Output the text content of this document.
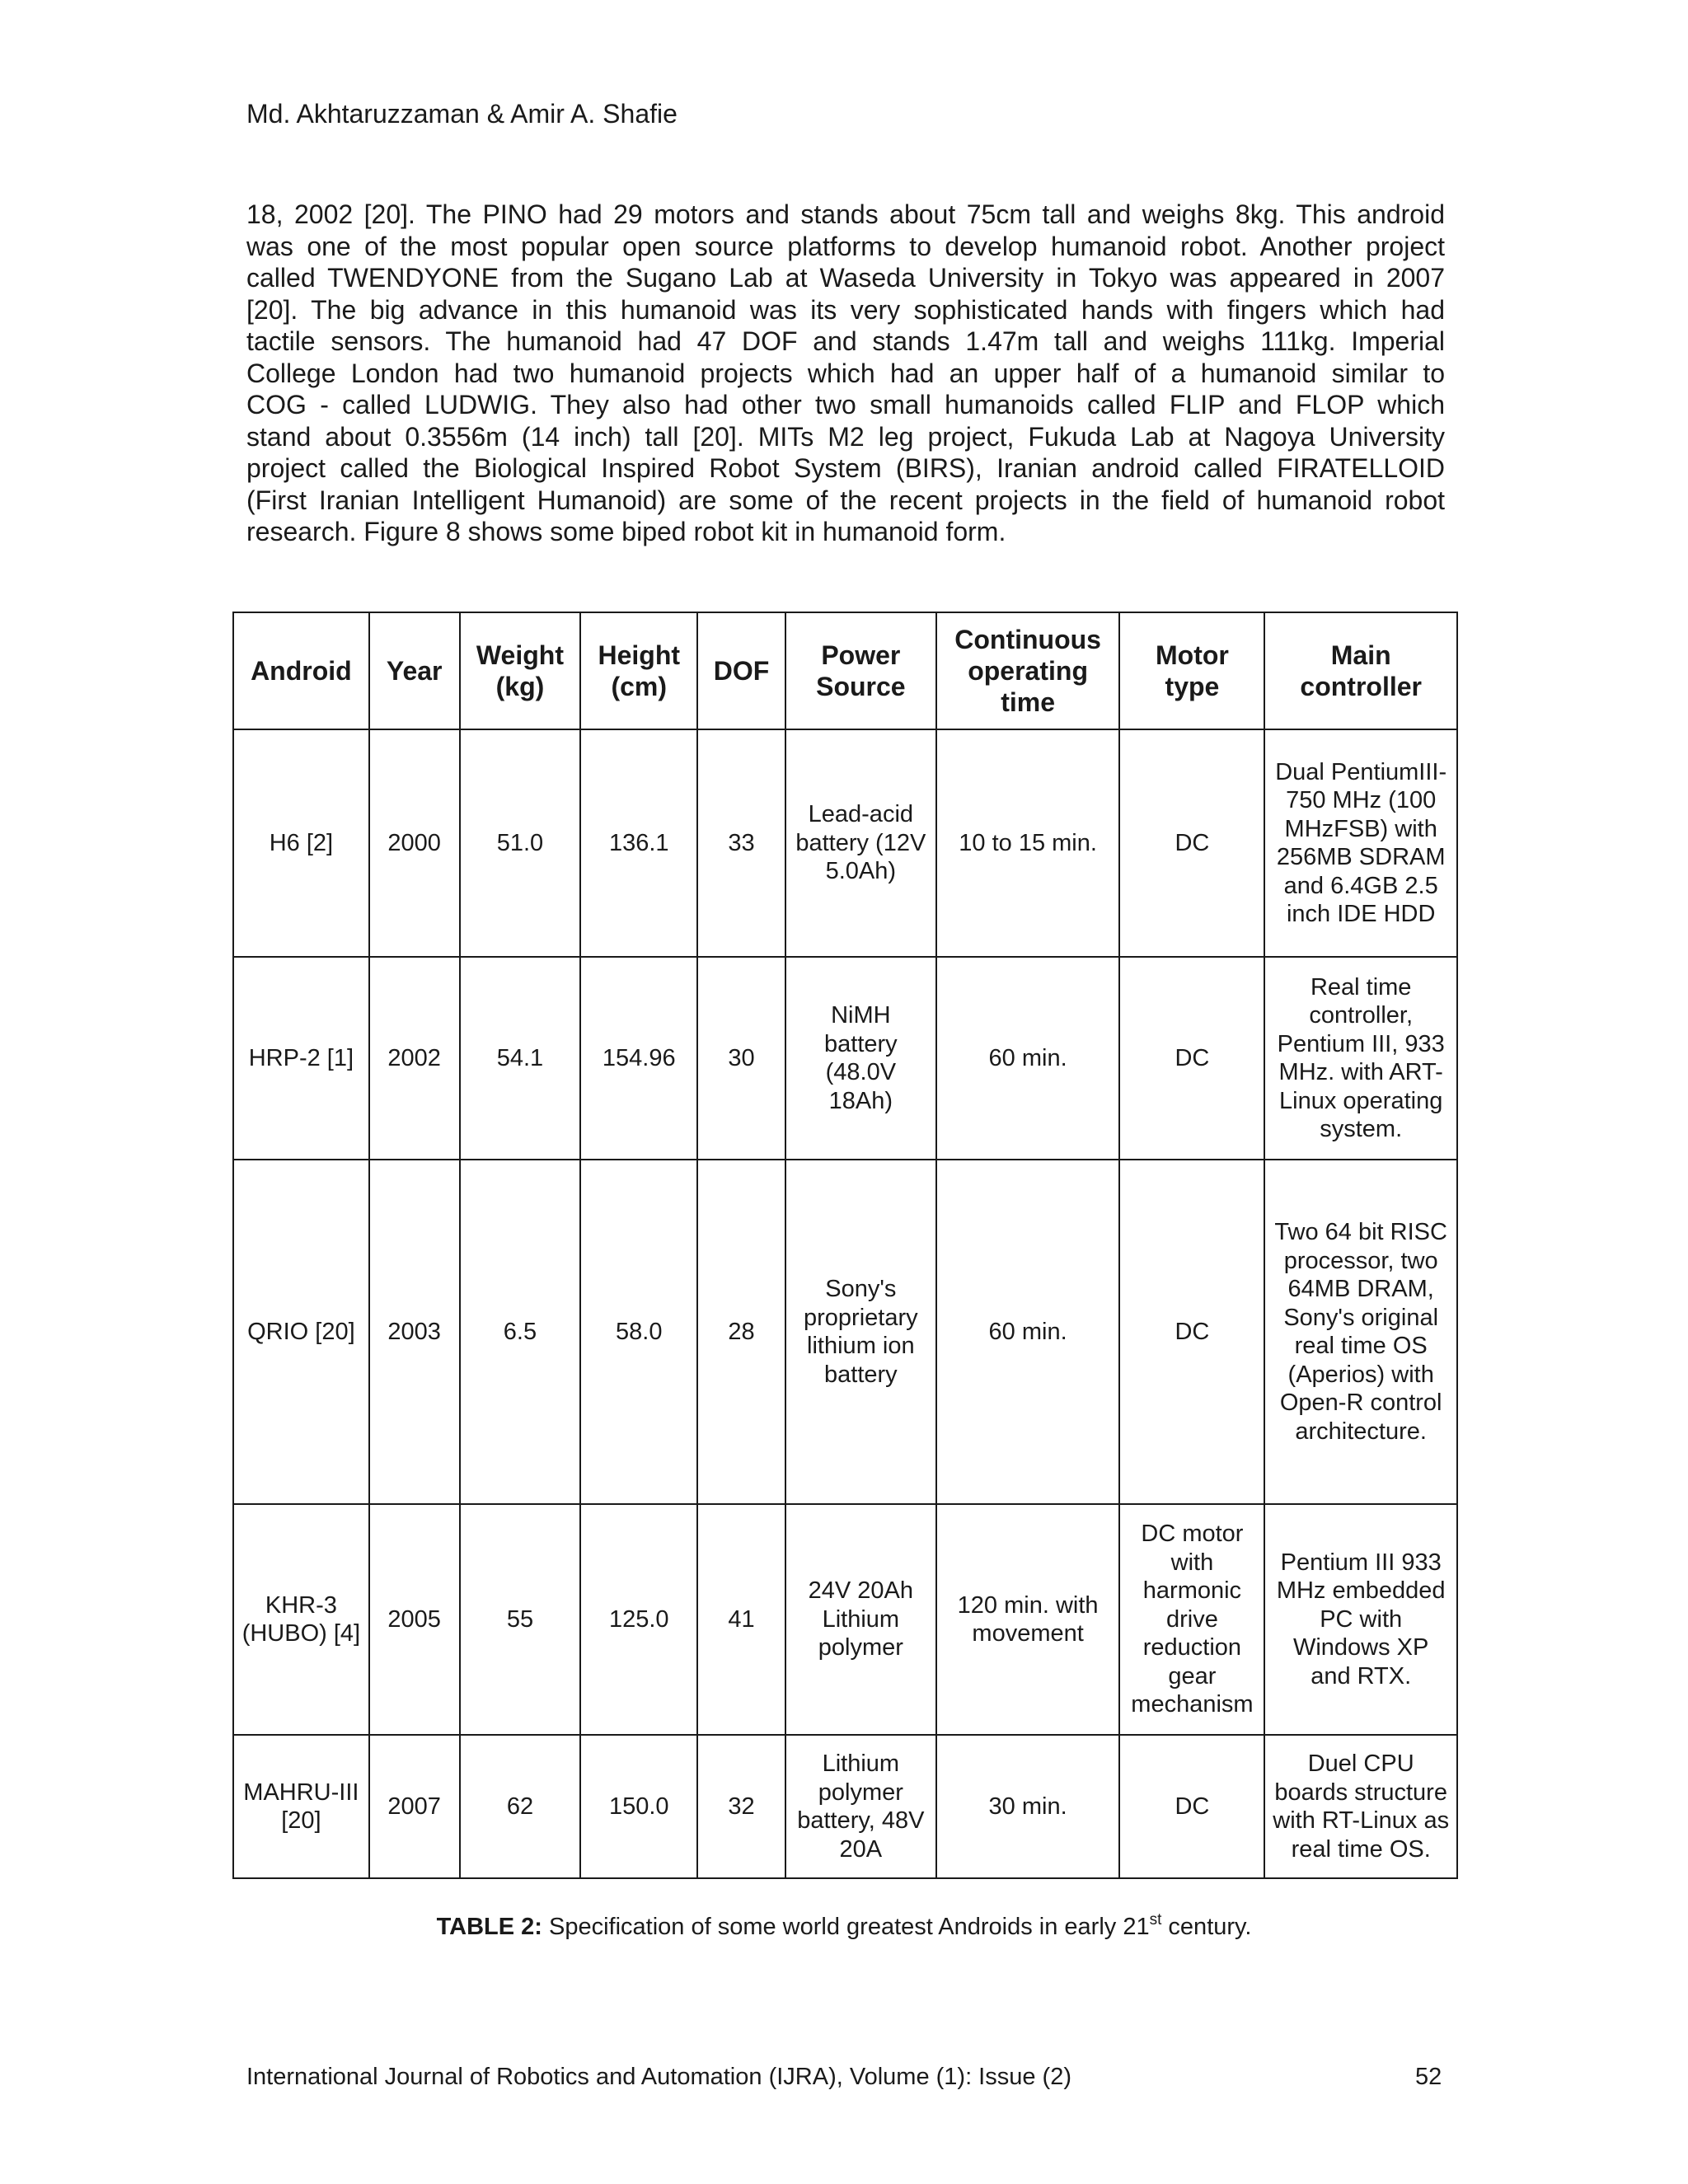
Md. Akhtaruzzaman & Amir A. Shafie
18, 2002 [20]. The PINO had 29 motors and stands about 75cm tall and weighs 8kg. This android
was one of the most popular open source platforms to develop humanoid robot. Another project
called TWENDYONE from the Sugano Lab at Waseda University in Tokyo was appeared in 2007
[20]. The big advance in this humanoid was its very sophisticated hands with fingers which had
tactile sensors. The humanoid had 47 DOF and stands 1.47m tall and weighs 111kg. Imperial
College London had two humanoid projects which had an upper half of a humanoid similar to
COG - called LUDWIG. They also had other two small humanoids called FLIP and FLOP which
stand about 0.3556m (14 inch) tall [20]. MITs M2 leg project, Fukuda Lab at Nagoya University
project called the Biological Inspired Robot System (BIRS), Iranian android called FIRATELLOID
(First Iranian Intelligent Humanoid) are some of the recent projects in the field of humanoid robot
research. Figure 8 shows some biped robot kit in humanoid form.
Android	Year	Weight (kg)	Height (cm)	DOF	Power Source	Continuous operating time	Motor type	Main controller
H6 [2]	2000	51.0	136.1	33	Lead-acid battery (12V 5.0Ah)	10 to 15 min.	DC	Dual PentiumIII-750 MHz (100 MHzFSB) with 256MB SDRAM and 6.4GB 2.5 inch IDE HDD
HRP-2 [1]	2002	54.1	154.96	30	NiMH battery (48.0V 18Ah)	60 min.	DC	Real time controller, Pentium III, 933 MHz. with ART-Linux operating system.
QRIO [20]	2003	6.5	58.0	28	Sony's proprietary lithium ion battery	60 min.	DC	Two 64 bit RISC processor, two 64MB DRAM, Sony's original real time OS (Aperios) with Open-R control architecture.
KHR-3 (HUBO) [4]	2005	55	125.0	41	24V 20Ah Lithium polymer	120 min. with movement	DC motor with harmonic drive reduction gear mechanism	Pentium III 933 MHz embedded PC with Windows XP and RTX.
MAHRU-III [20]	2007	62	150.0	32	Lithium polymer battery, 48V 20A	30 min.	DC	Duel CPU boards structure with RT-Linux as real time OS.
TABLE 2: Specification of some world greatest Androids in early 21st century.
International Journal of Robotics and Automation (IJRA), Volume (1): Issue (2)	52
